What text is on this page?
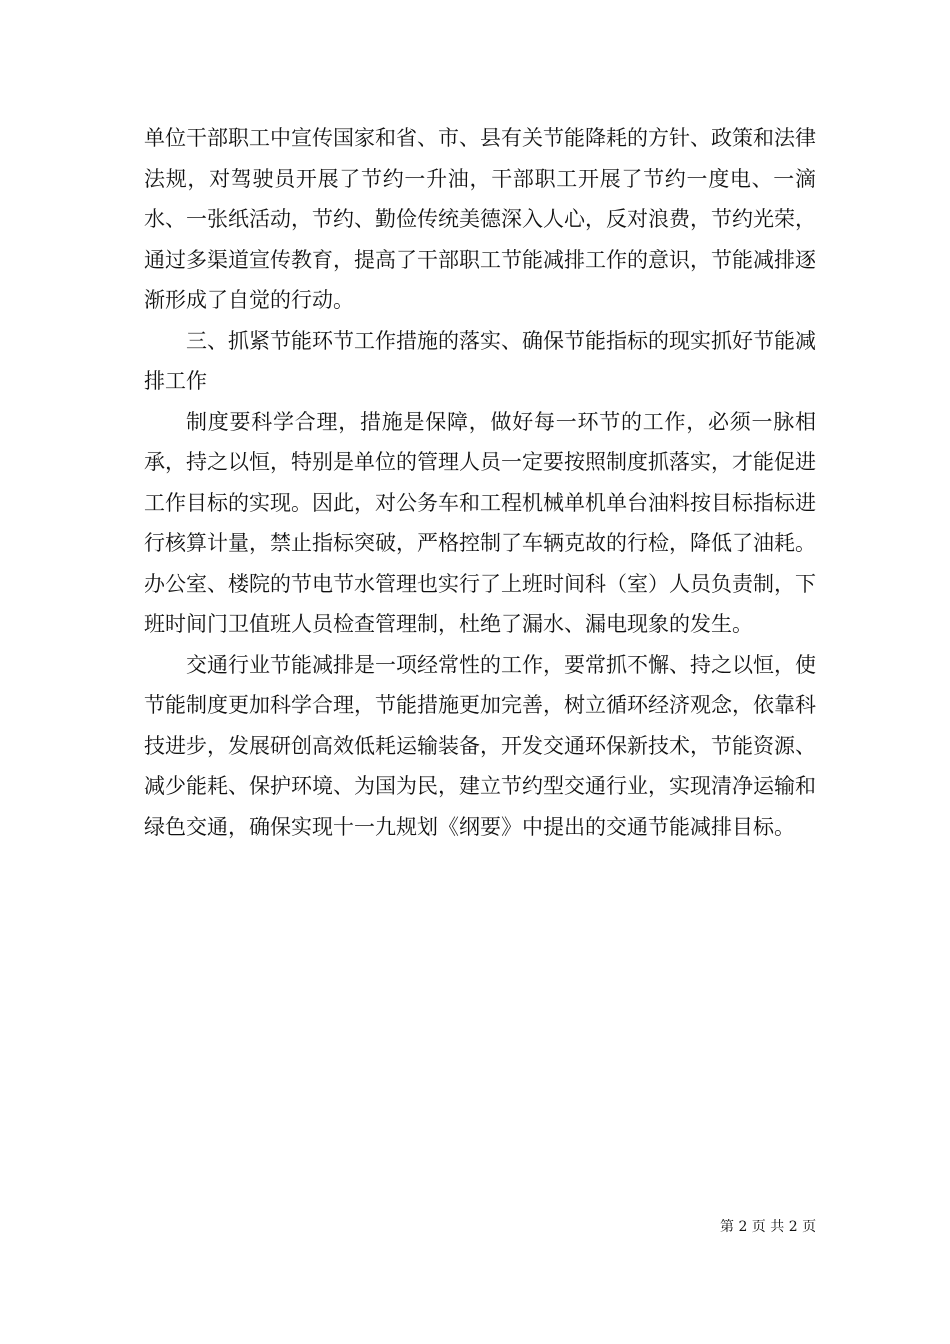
单位干部职工中宣传国家和省、市、县有关节能降耗的方针、政策和法律法规，对驾驶员开展了节约一升油，干部职工开展了节约一度电、一滴水、一张纸活动，节约、勤俭传统美德深入人心，反对浪费，节约光荣，通过多渠道宣传教育，提高了干部职工节能减排工作的意识，节能减排逐渐形成了自觉的行动。

三、抓紧节能环节工作措施的落实、确保节能指标的现实抓好节能减排工作

制度要科学合理，措施是保障，做好每一环节的工作，必须一脉相承，持之以恒，特别是单位的管理人员一定要按照制度抓落实，才能促进工作目标的实现。因此，对公务车和工程机械单机单台油料按目标指标进行核算计量，禁止指标突破，严格控制了车辆克故的行检，降低了油耗。办公室、楼院的节电节水管理也实行了上班时间科（室）人员负责制，下班时间门卫值班人员检查管理制，杜绝了漏水、漏电现象的发生。

交通行业节能减排是一项经常性的工作，要常抓不懈、持之以恒，使节能制度更加科学合理，节能措施更加完善，树立循环经济观念，依靠科技进步，发展研创高效低耗运输装备，开发交通环保新技术，节能资源、减少能耗、保护环境、为国为民，建立节约型交通行业，实现清净运输和绿色交通，确保实现十一九规划《纲要》中提出的交通节能减排目标。

第 2 页 共 2 页
